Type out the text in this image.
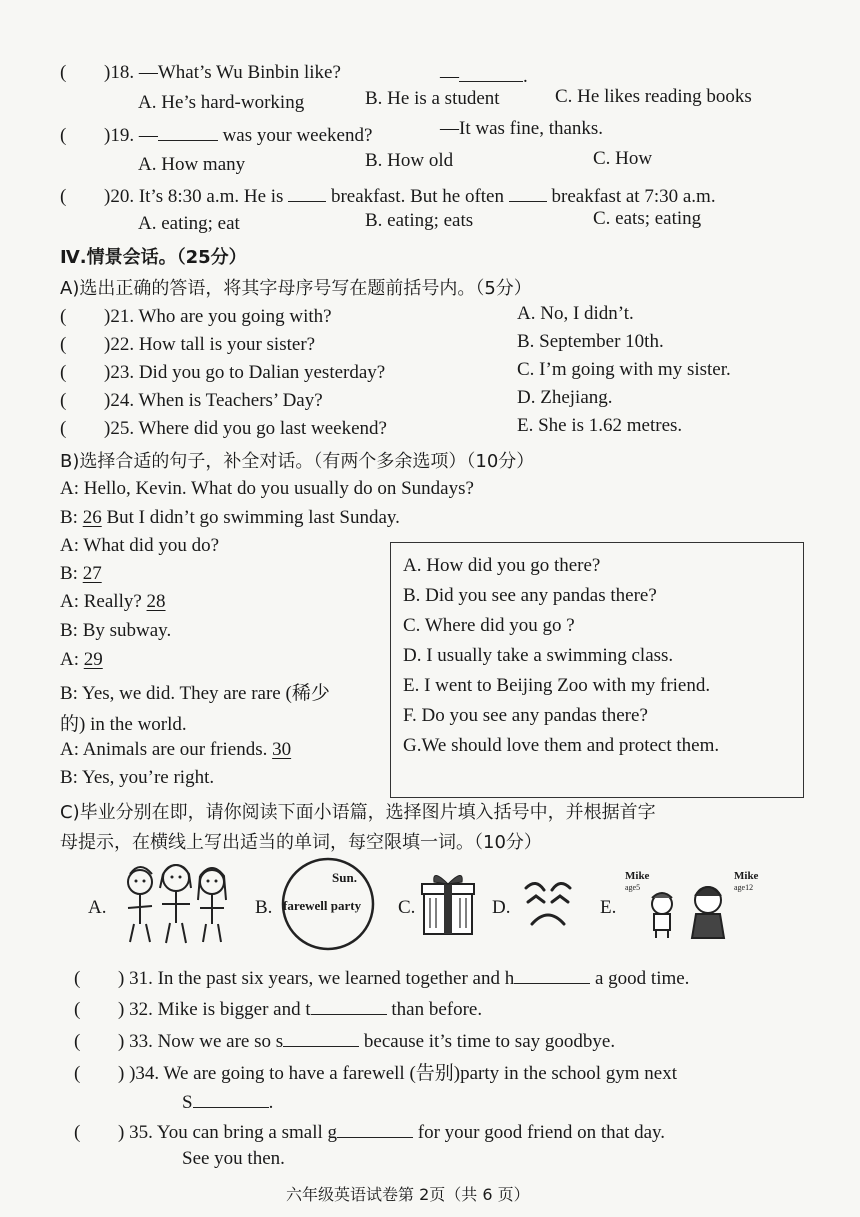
( )18. —What’s Wu Binbin like?	—	.
A. He’s hard-working	B. He is a student	C. He likes reading books
( )19. —	was your weekend?	—It was fine, thanks.
A. How many	B. How old	C. How
( )20. It’s 8:30 a.m. He is	breakfast. But he often	breakfast at 7:30 a.m.
A. eating; eat	B. eating; eats	C. eats; eating
Ⅳ.情景会话。（25分）
A)选出正确的答语，将其字母序号写在题前括号内。（5分）
( )21. Who are you going with?	A. No, I didn’t.
( )22. How tall is your sister?	B. September 10th.
( )23. Did you go to Dalian yesterday?	C. I’m going with my sister.
( )24. When is Teachers’ Day?	D. Zhejiang.
( )25. Where did you go last weekend?	E. She is 1.62 metres.
B)选择合适的句子，补全对话。（有两个多余选项）（10分）
A: Hello, Kevin. What do you usually do on Sundays?
B: 26 But I didn’t go swimming last Sunday.
A: What did you do?
B: 27
A: Really? 28
B: By subway.
A: 29
B: Yes, we did. They are rare (稀少
的) in the world.
A: Animals are our friends. 30
B: Yes, you’re right.
A. How did you go there?
B. Did you see any pandas there?
C. Where did you go ?
D. I usually take a swimming class.
E. I went to Beijing Zoo with my friend.
F. Do you see any pandas there?
G.We should love them and protect them.
C)毕业分别在即，请你阅读下面小语篇，选择图片填入括号中，并根据首字
母提示，在横线上写出适当的单词，每空限填一词。（10分）
A.	B.
Sun.
farewell party C.	D.	E.
Mike
age5
Mike
age12
( ) 31. In the past six years, we learned together and h	a good time.
( ) 32. Mike is bigger and t	than before.
( ) 33. Now we are so s	because it’s time to say goodbye.
( ) )34. We are going to have a farewell (告别)party in the school gym next
S	.
( ) 35. You can bring a small g	for your good friend on that day.
See you then.
六年级英语试卷第 2页（共 6 页）
